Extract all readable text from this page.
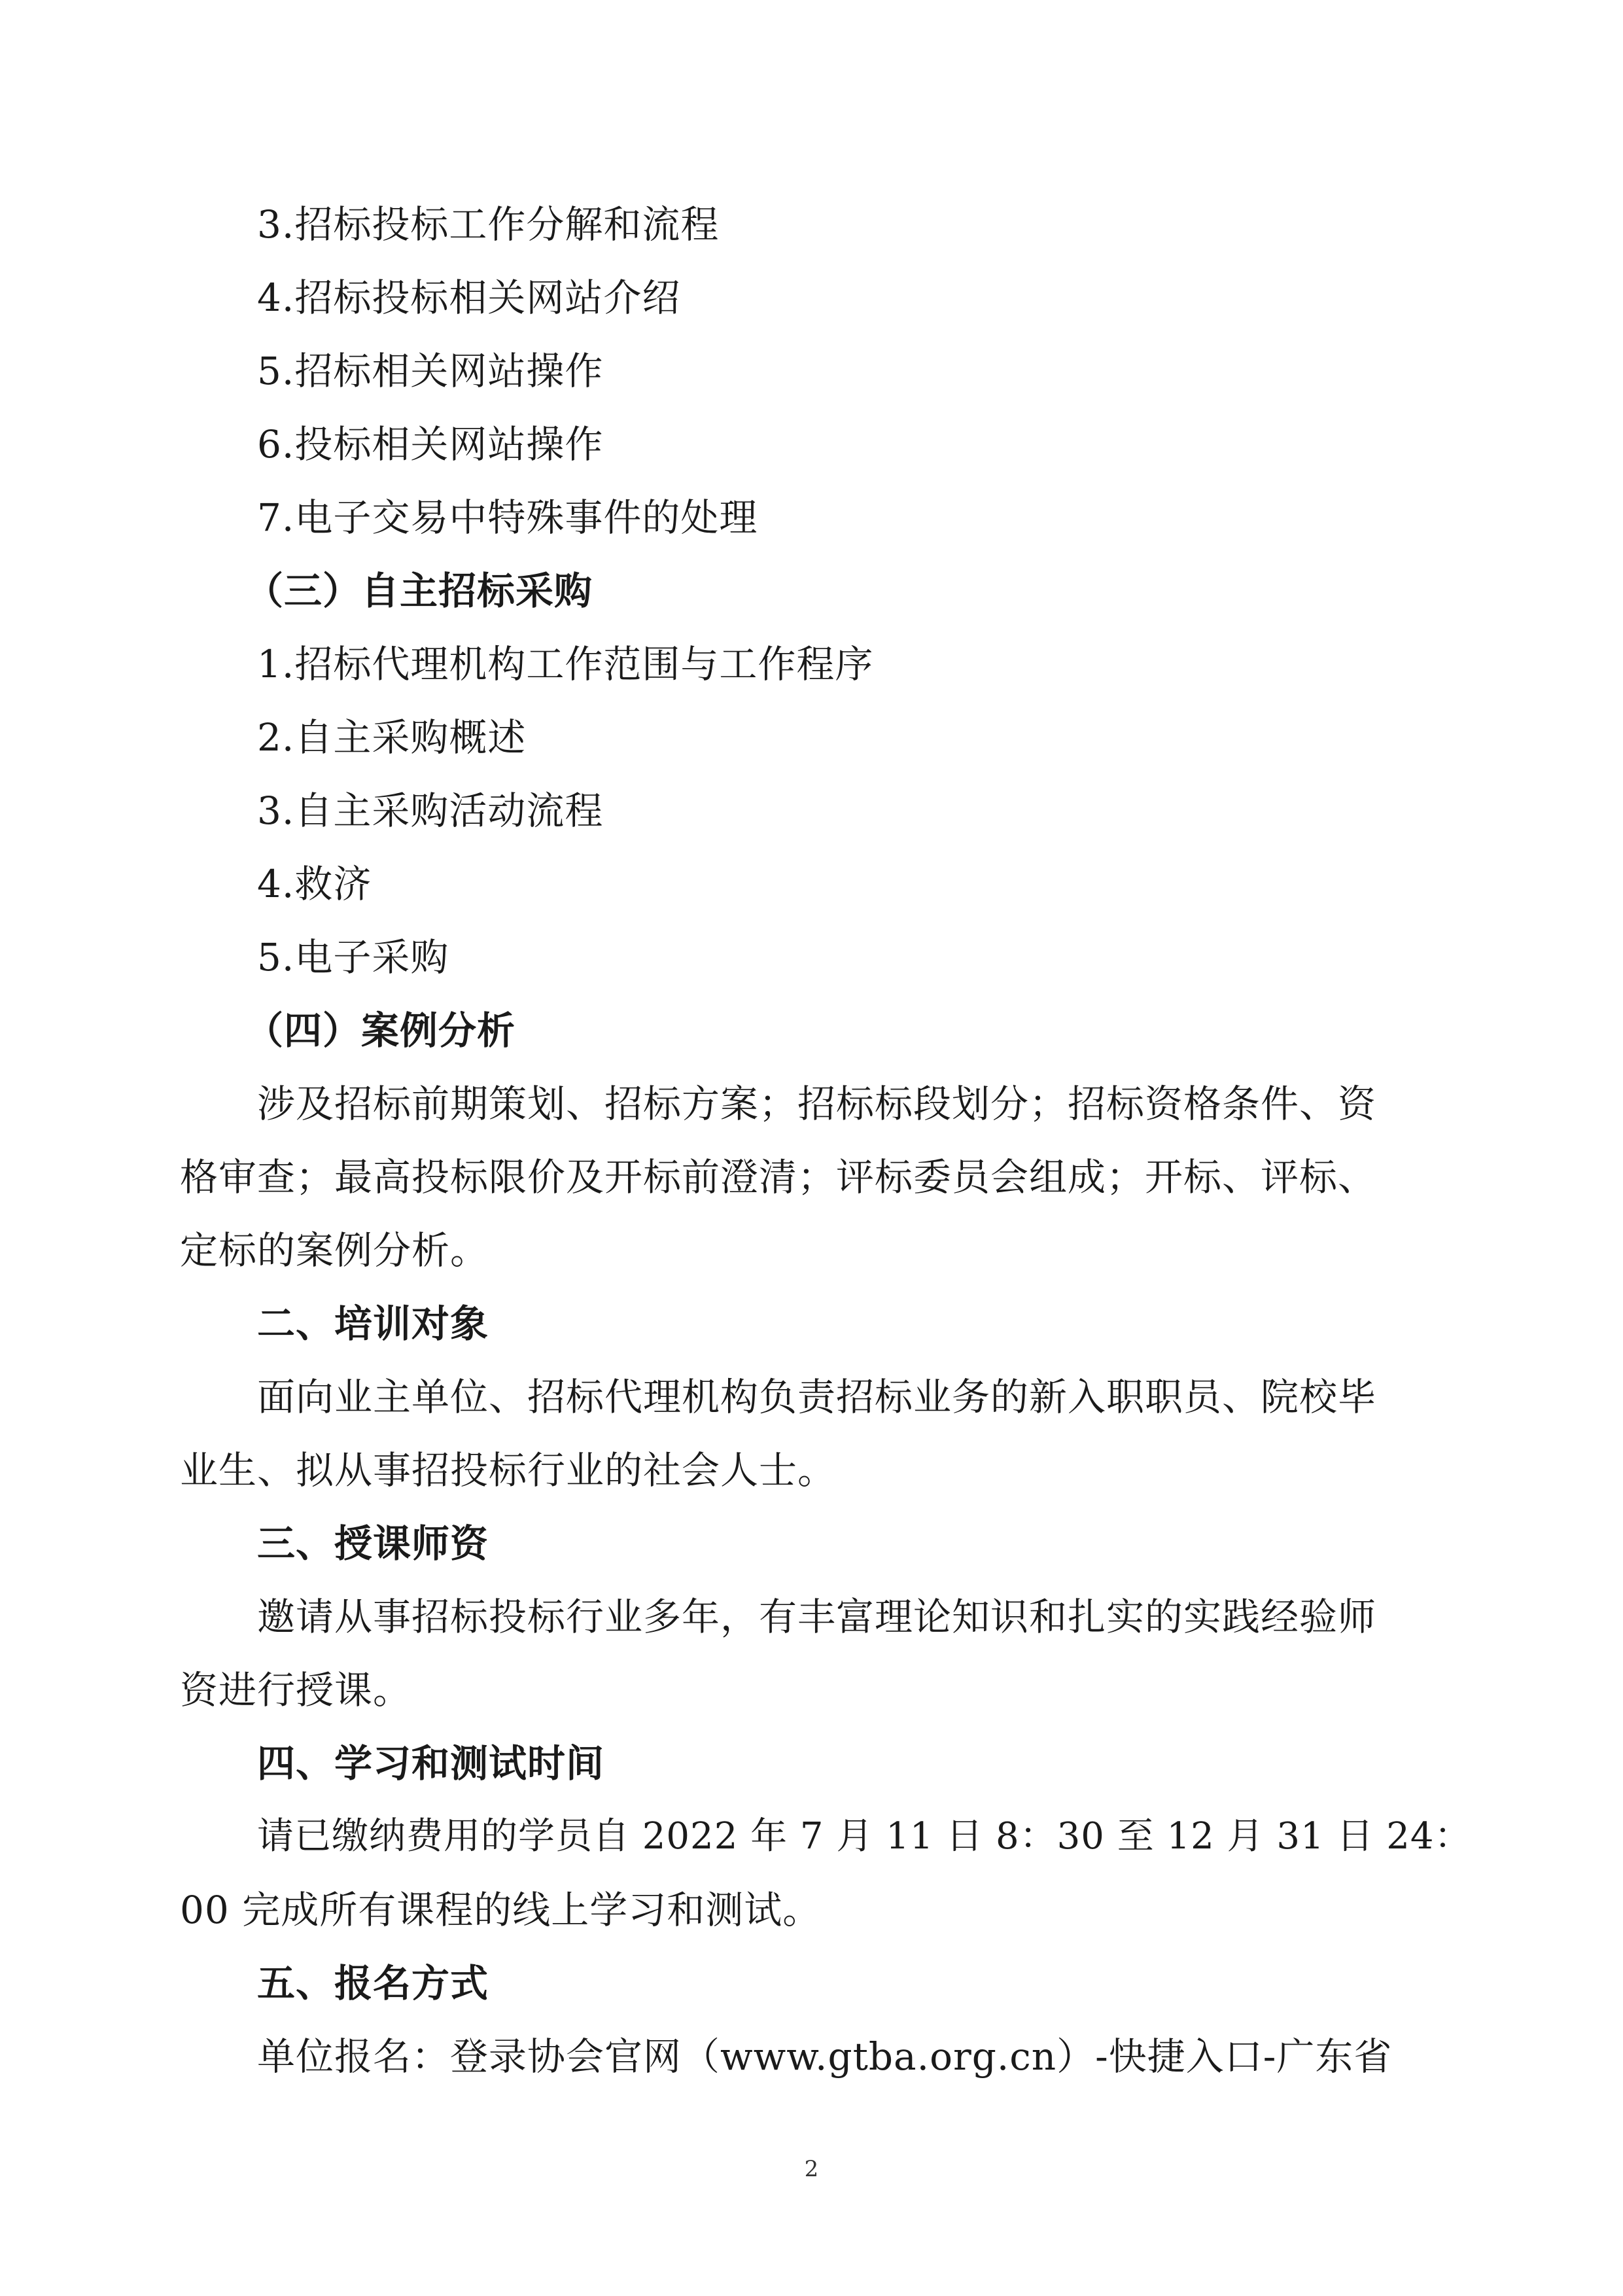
3.招标投标工作分解和流程
4.招标投标相关网站介绍
5.招标相关网站操作
6.投标相关网站操作
7.电子交易中特殊事件的处理
（三）自主招标采购
1.招标代理机构工作范围与工作程序
2.自主采购概述
3.自主采购活动流程
4.救济
5.电子采购
（四）案例分析
涉及招标前期策划、招标方案；招标标段划分；招标资格条件、资
格审查；最高投标限价及开标前澄清；评标委员会组成；开标、评标、
定标的案例分析。
二、培训对象
面向业主单位、招标代理机构负责招标业务的新入职职员、院校毕
业生、拟从事招投标行业的社会人士。
三、授课师资
邀请从事招标投标行业多年，有丰富理论知识和扎实的实践经验师
资进行授课。
四、学习和测试时间
请已缴纳费用的学员自 2022 年 7 月 11 日 8：30 至 12 月 31 日 24：
00 完成所有课程的线上学习和测试。
五、报名方式
单位报名：登录协会官网（www.gtba.org.cn）-快捷入口-广东省
2
